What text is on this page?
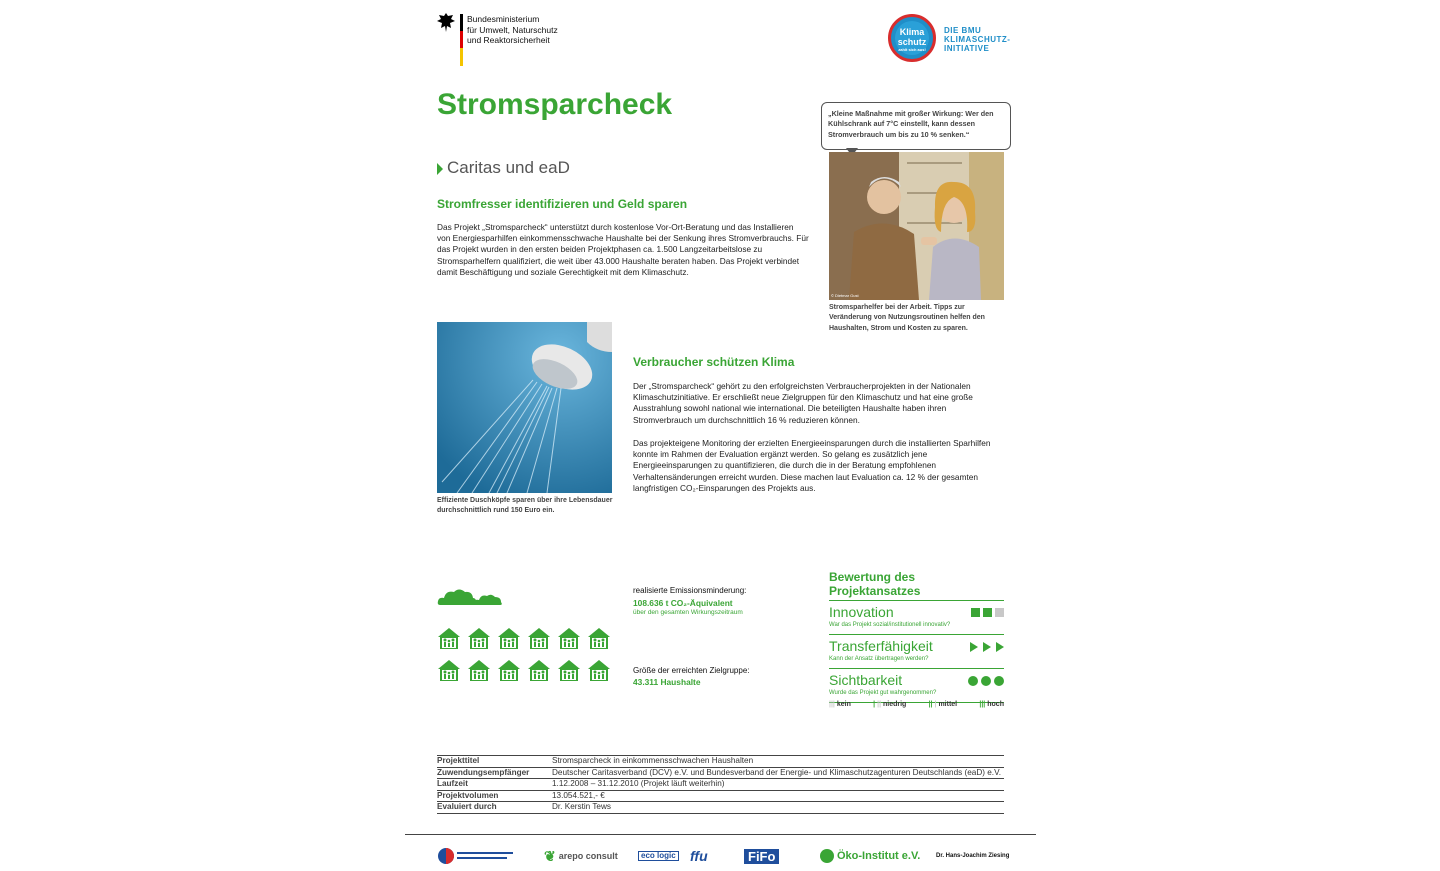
Bundesministerium
für Umwelt, Naturschutz
und Reaktorsicherheit
Klima schutz
zahlt sich aus!
DIE BMU
KLIMASCHUTZ-
INITIATIVE
Stromsparcheck
Caritas und eaD
Stromfresser identifizieren und Geld sparen
Das Projekt „Stromsparcheck“ unterstützt durch kostenlose Vor-Ort-Beratung und das Installieren von Energiesparhilfen einkommensschwache Haushalte bei der Senkung ihres Stromverbrauchs. Für das Projekt wurden in den ersten beiden Projektphasen ca. 1.500 Langzeitarbeitslose zu Stromsparhelfern qualifiziert, die weit über 43.000 Haushalte beraten haben. Das Projekt verbindet damit Beschäftigung und soziale Gerechtigkeit mit dem Klimaschutz.
„Kleine Maßnahme mit großer Wirkung: Wer den Kühlschrank auf 7°C einstellt, kann dessen Stromverbrauch um bis zu 10 % senken.“
© Dietmar Gust
Stromsparhelfer bei der Arbeit. Tipps zur Veränderung von Nutzungsroutinen helfen den Haushalten, Strom und Kosten zu sparen.
Effiziente Duschköpfe sparen über ihre Lebensdauer durchschnittlich rund 150 Euro ein.
Verbraucher schützen Klima
Der „Stromsparcheck“ gehört zu den erfolgreichsten Verbraucherprojekten in der Nationalen Klimaschutzinitiative. Er erschließt neue Zielgruppen für den Klimaschutz und hat eine große Ausstrahlung sowohl national wie international. Die beteiligten Haushalte haben ihren Stromverbrauch um durchschnittlich 16 % reduzieren können.
Das projekteigene Monitoring der erzielten Energieeinsparungen durch die installierten Sparhilfen konnte im Rahmen der Evaluation ergänzt werden. So gelang es zusätzlich jene Energieeinsparungen zu quantifizieren, die durch die in der Beratung empfohlenen Verhaltensänderungen erreicht wurden. Diese machen laut Evaluation ca. 12 % der gesamten langfristigen CO₂-Einsparungen des Projekts aus.
realisierte Emissionsminderung:
108.636 t CO₂-Äquivalent
über den gesamten Wirkungszeitraum
Größe der erreichten Zielgruppe:
43.311 Haushalte
Bewertung des Projektansatzes
Innovation
War das Projekt sozial/institutionell innovativ?
Transferfähigkeit
Kann der Ansatz übertragen werden?
Sichtbarkeit
Wurde das Projekt gut wahrgenommen?
||| kein	| || niedrig	|| | mittel	||| hoch
Projekttitel	Stromsparcheck in einkommensschwachen Haushalten
Zuwendungsempfänger	Deutscher Caritasverband (DCV) e.V. und Bundesverband der Energie- und Klimaschutzagenturen Deutschlands (eaD) e.V.
Laufzeit	1.12.2008 – 31.12.2010 (Projekt läuft weiterhin)
Projektvolumen	13.054.521,- €
Evaluiert durch	Dr. Kerstin Tews
❦ arepo consult	eco logic ffu	FiFo	Öko-Institut e.V.	Dr. Hans-Joachim Ziesing
